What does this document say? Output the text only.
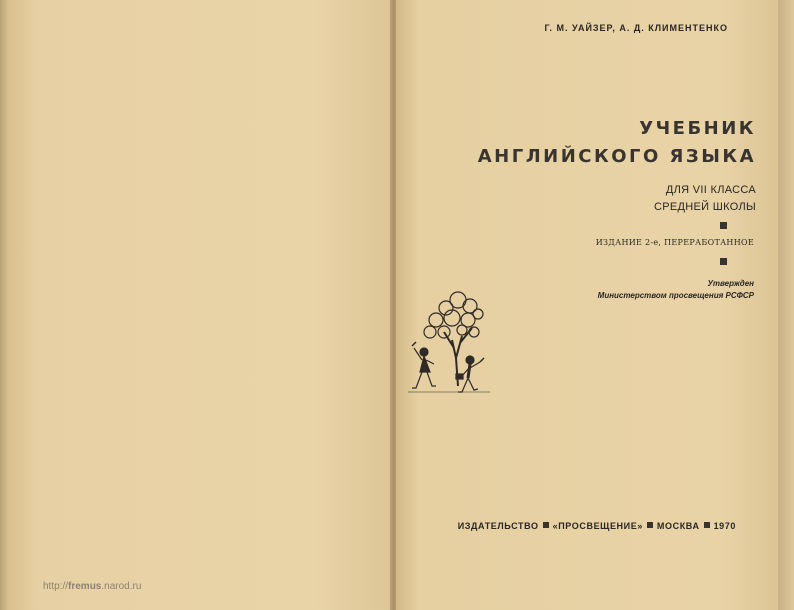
Г. М. УАЙЗЕР, А. Д. КЛИМЕНТЕНКО
УЧЕБНИК
АНГЛИЙСКОГО ЯЗЫКА
ДЛЯ VII КЛАССА
СРЕДНЕЙ ШКОЛЫ
ИЗДАНИЕ 2-е, ПЕРЕРАБОТАННОЕ
Утвержден
Министерством просвещения РСФСР
ИЗДАТЕЛЬСТВО «ПРОСВЕЩЕНИЕ» МОСКВА 1970
http://fremus.narod.ru
